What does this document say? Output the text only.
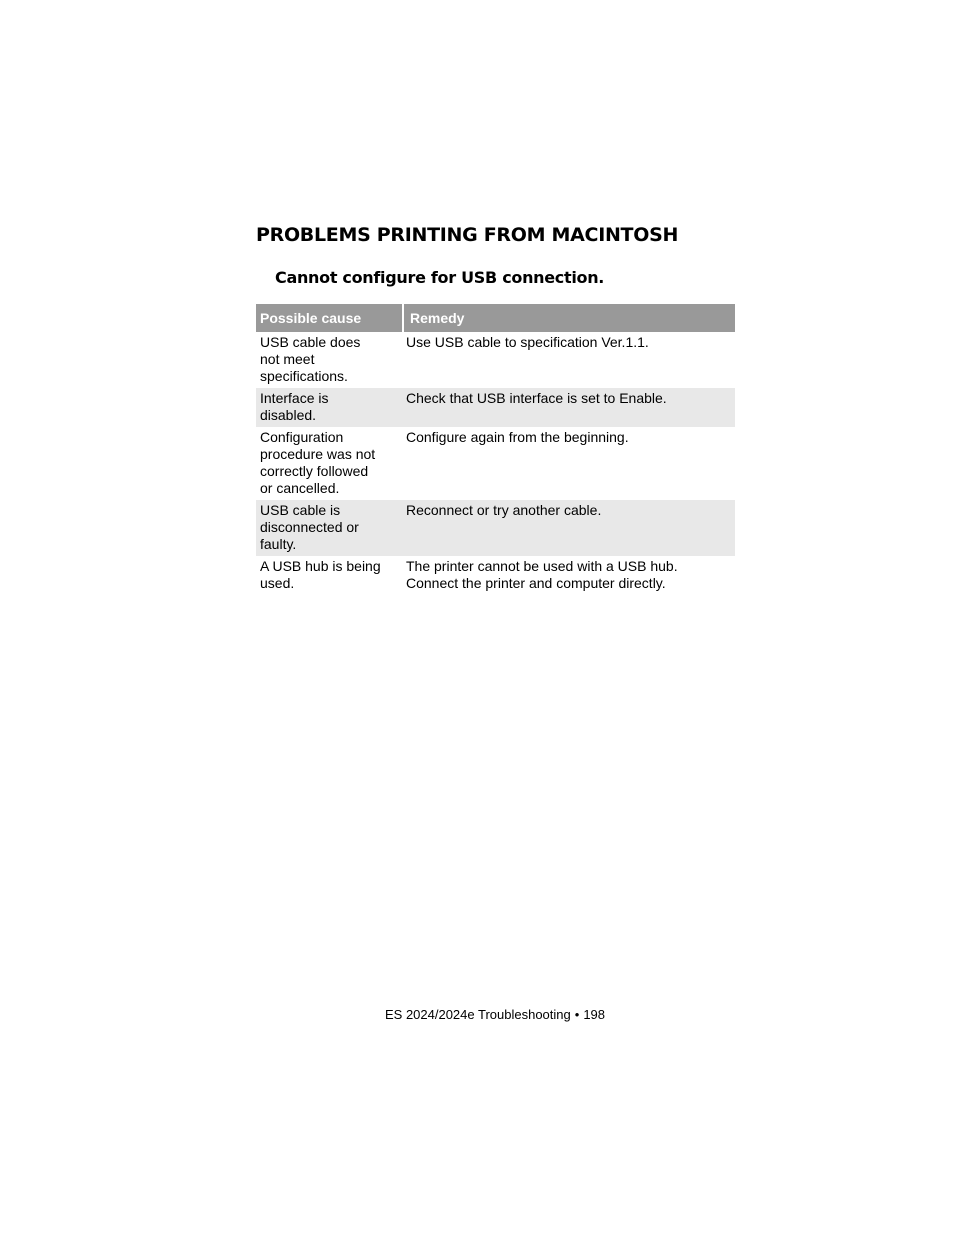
PROBLEMS PRINTING FROM MACINTOSH
Cannot configure for USB connection.
Possible cause	Remedy

USB cable does
not meet
specifications.	Use USB cable to specification Ver.1.1.

Interface is
disabled.	Check that USB interface is set to Enable.

Configuration
procedure was not
correctly followed
or cancelled.	Configure again from the beginning.

USB cable is
disconnected or
faulty.	Reconnect or try another cable.

A USB hub is being
used.	The printer cannot be used with a USB hub.
Connect the printer and computer directly.
ES 2024/2024e Troubleshooting • 198
